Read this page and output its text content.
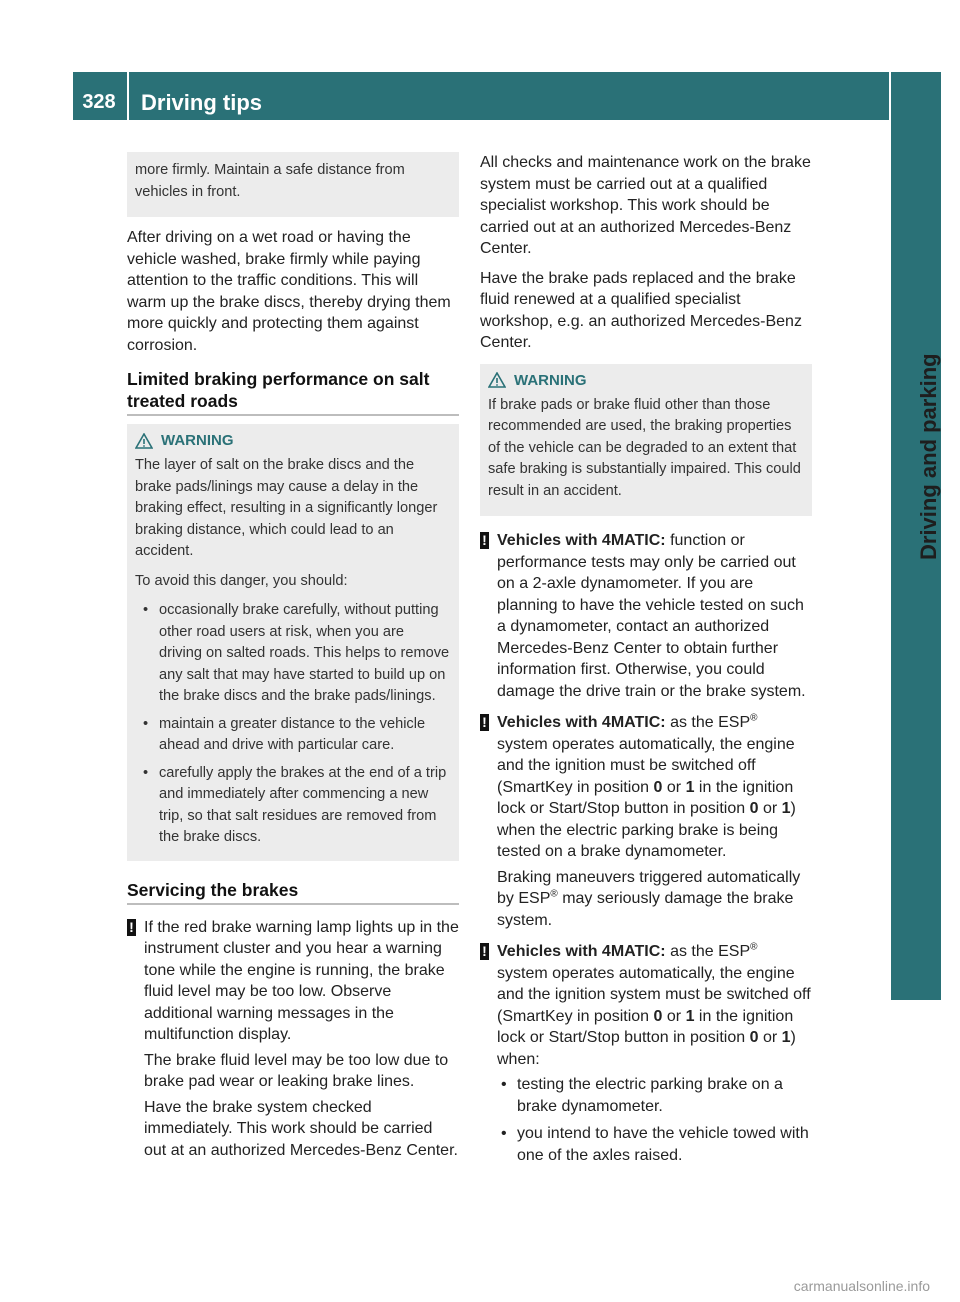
328	Driving tips
Driving and parking

more firmly. Maintain a safe distance from vehicles in front.

After driving on a wet road or having the vehicle washed, brake firmly while paying attention to the traffic conditions. This will warm up the brake discs, thereby drying them more quickly and protecting them against corrosion.

Limited braking performance on salt treated roads
WARNING

The layer of salt on the brake discs and the brake pads/linings may cause a delay in the braking effect, resulting in a significantly longer braking distance, which could lead to an accident.

To avoid this danger, you should:

• occasionally brake carefully, without putting other road users at risk, when you are driving on salted roads. This helps to remove any salt that may have started to build up on the brake discs and the brake pads/linings.
• maintain a greater distance to the vehicle ahead and drive with particular care.
• carefully apply the brakes at the end of a trip and immediately after commencing a new trip, so that salt residues are removed from the brake discs.
Servicing the brakes
! If the red brake warning lamp lights up in the instrument cluster and you hear a warning tone while the engine is running, the brake fluid level may be too low. Observe additional warning messages in the multifunction display.

The brake fluid level may be too low due to brake pad wear or leaking brake lines.

Have the brake system checked immediately. This work should be carried out at an authorized Mercedes-Benz Center.

All checks and maintenance work on the brake system must be carried out at a qualified specialist workshop. This work should be carried out at an authorized Mercedes-Benz Center.

Have the brake pads replaced and the brake fluid renewed at a qualified specialist workshop, e.g. an authorized Mercedes-Benz Center.

WARNING

If brake pads or brake fluid other than those recommended are used, the braking properties of the vehicle can be degraded to an extent that safe braking is substantially impaired. This could result in an accident.

! Vehicles with 4MATIC: function or performance tests may only be carried out on a 2-axle dynamometer. If you are planning to have the vehicle tested on such a dynamometer, contact an authorized Mercedes-Benz Center to obtain further information first. Otherwise, you could damage the drive train or the brake system.

! Vehicles with 4MATIC: as the ESP® system operates automatically, the engine and the ignition must be switched off (SmartKey in position 0 or 1 in the ignition lock or Start/Stop button in position 0 or 1) when the electric parking brake is being tested on a brake dynamometer.

Braking maneuvers triggered automatically by ESP® may seriously damage the brake system.

! Vehicles with 4MATIC: as the ESP® system operates automatically, the engine and the ignition system must be switched off (SmartKey in position 0 or 1 in the ignition lock or Start/Stop button in position 0 or 1) when:

• testing the electric parking brake on a brake dynamometer.
• you intend to have the vehicle towed with one of the axles raised.
carmanualsonline.info
